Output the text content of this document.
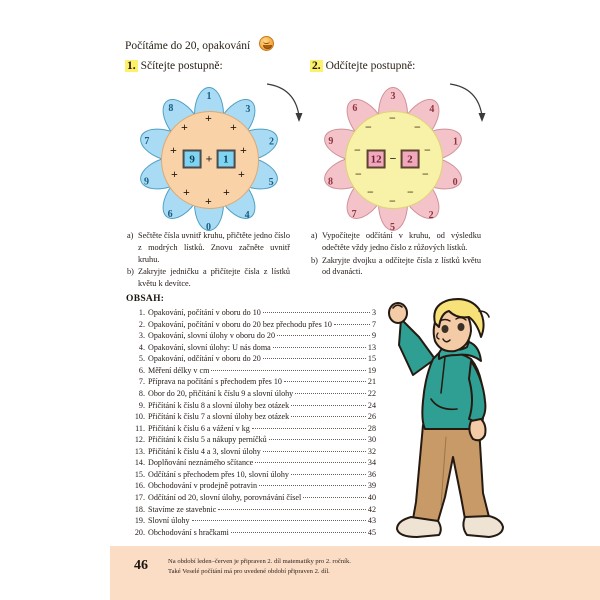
Počítáme do 20, opakování
1. Sčítejte postupně:	2. Odčítejte postupně:
1
3
2
5
4
0
6
9
7
8
+
+
+
+
+
+
+
+
+
+
9 + 1
3
4
1
0
2
5
7
8
9
6
−
−
−
−
−
−
−
−
−
−
12 − 2

a) Sečtěte čísla uvnitř kruhu, přičtěte jedno číslo z modrých lístků. Znovu začněte uvnitř kruhu.

b) Zakryjte jedničku a přičítejte čísla z lístků květu k devítce.

a) Vypočítejte odčítání v kruhu, od výsledku odečtěte vždy jedno číslo z růžových lístků.

b) Zakryjte dvojku a odčítejte čísla z lístků květu od dvanácti.

OBSAH:
1. Opakování, počítání v oboru do 10	3
2. Opakování, počítání v oboru do 20 bez přechodu přes 10	7
3. Opakování, slovní úlohy v oboru do 20	9
4. Opakování, slovní úlohy: U nás doma	13
5. Opakování, odčítání v oboru do 20	15
6. Měření délky v cm	19
7. Příprava na počítání s přechodem přes 10	21
8. Obor do 20, přičítání k číslu 9 a slovní úlohy	22
9. Přičítání k číslu 8 a slovní úlohy bez otázek	24
10. Přičítání k číslu 7 a slovní úlohy bez otázek	26
11. Přičítání k číslu 6 a vážení v kg	28
12. Přičítání k číslu 5 a nákupy perníčků	30
13. Přičítání k číslu 4 a 3, slovní úlohy	32
14. Doplňování neznámého sčítance	34
15. Odčítání s přechodem přes 10, slovní úlohy	36
16. Obchodování v prodejně potravin	39
17. Odčítání od 20, slovní úlohy, porovnávání čísel	40
18. Stavíme ze stavebnic	42
19. Slovní úlohy	43
20. Obchodování s hračkami	45
46	Na období leden–červen je připraven 2. díl matematiky pro 2. ročník.

Také Veselé počítání má pro uvedené období připraven 2. díl.
